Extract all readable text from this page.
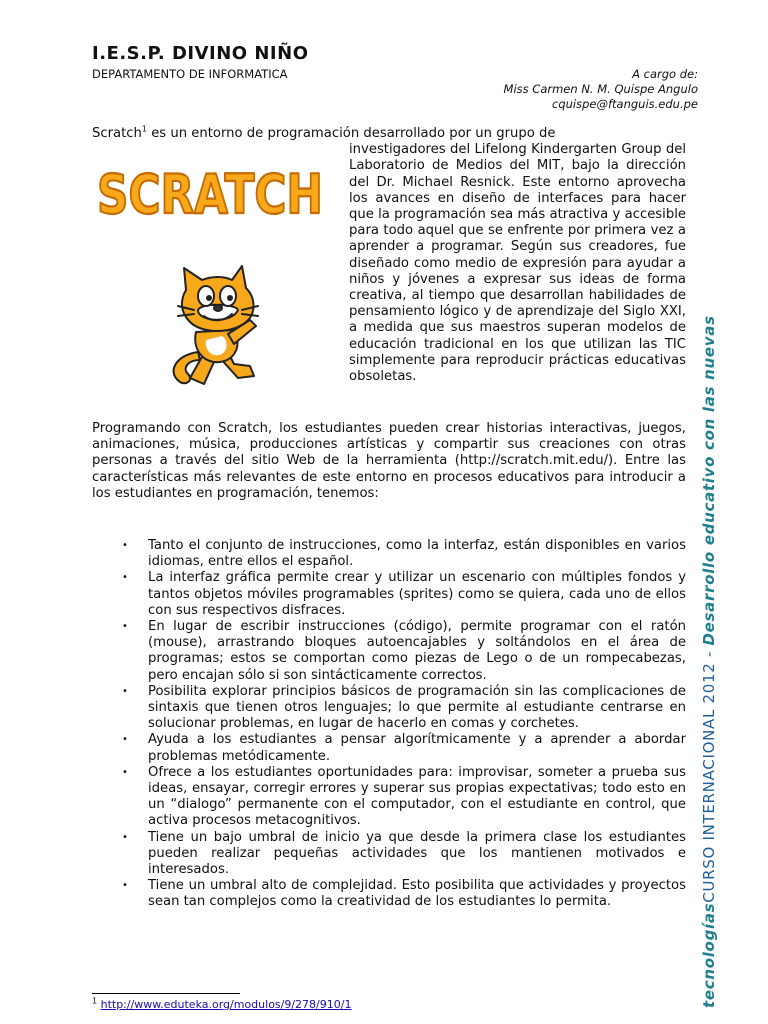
I.E.S.P. DIVINO NIÑO
DEPARTAMENTO DE INFORMATICA	A cargo de:
Miss Carmen N. M. Quispe Angulo
cquispe@ftanguis.edu.pe

Scratch$^1$ es un entorno de programación desarrollado por un grupo de

investigadores del Lifelong Kindergarten Group del Laboratorio de Medios del MIT, bajo la dirección del Dr. Michael Resnick. Este entorno aprovecha los avances en diseño de interfaces para hacer que la programación sea más atractiva y accesible para todo aquel que se enfrente por primera vez a aprender a programar. Según sus creadores, fue diseñado como medio de expresión para ayudar a niños y jóvenes a expresar sus ideas de forma creativa, al tiempo que desarrollan habilidades de pensamiento lógico y de aprendizaje del Siglo XXI, a medida que sus maestros superan modelos de educación tradicional en los que utilizan las TIC simplemente para reproducir prácticas educativas obsoletas.

SCRATCH

Programando con Scratch, los estudiantes pueden crear historias interactivas, juegos, animaciones, música, producciones artísticas y compartir sus creaciones con otras personas a través del sitio Web de la herramienta (http://scratch.mit.edu/). Entre las características más relevantes de este entorno en procesos educativos para introducir a los estudiantes en programación, tenemos:

• Tanto el conjunto de instrucciones, como la interfaz, están disponibles en varios idiomas, entre ellos el español.
• La interfaz gráfica permite crear y utilizar un escenario con múltiples fondos y tantos objetos móviles programables (sprites) como se quiera, cada uno de ellos con sus respectivos disfraces.
• En lugar de escribir instrucciones (código), permite programar con el ratón (mouse), arrastrando bloques autoencajables y soltándolos en el área de programas; estos se comportan como piezas de Lego o de un rompecabezas, pero encajan sólo si son sintácticamente correctos.
• Posibilita explorar principios básicos de programación sin las complicaciones de sintaxis que tienen otros lenguajes; lo que permite al estudiante centrarse en solucionar problemas, en lugar de hacerlo en comas y corchetes.
• Ayuda a los estudiantes a pensar algorítmicamente y a aprender a abordar problemas metódicamente.
• Ofrece a los estudiantes oportunidades para: improvisar, someter a prueba sus ideas, ensayar, corregir errores y superar sus propias expectativas; todo esto en un “dialogo” permanente con el computador, con el estudiante en control, que activa procesos metacognitivos.
• Tiene un bajo umbral de inicio ya que desde la primera clase los estudiantes pueden realizar pequeñas actividades que los mantienen motivados e interesados.
• Tiene un umbral alto de complejidad. Esto posibilita que actividades y proyectos sean tan complejos como la creatividad de los estudiantes lo permita.
$^1$ http://www.eduteka.org/modulos/9/278/910/1	tecnologíasCURSO INTERNACIONAL 2012 - Desarrollo educativo con las nuevas
